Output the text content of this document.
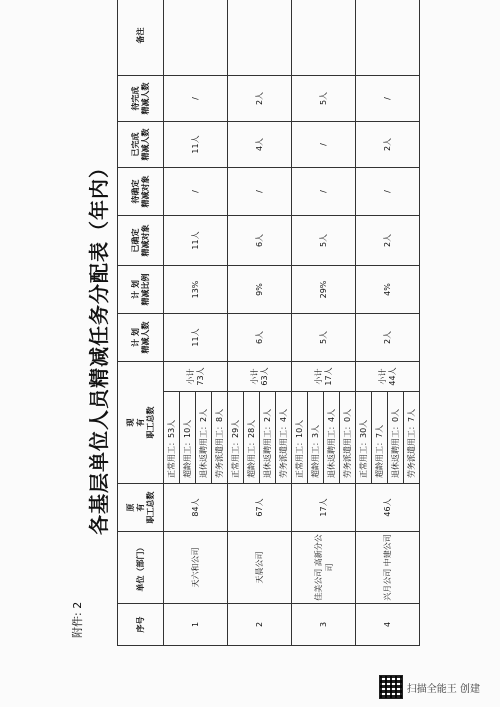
附件: 2
各基层单位人员精减任务分配表（年内）
序号	单位（部门）	原 有 职工总数	现 有 职工总数		计 划 精减人数	计 划 精减比例	已确定 精减对象	待确定 精减对象	已完成 精减人数	待完成 精减人数	备注
1	天六和公司	84人	正常用工：53人	小计 73人	11人	13%	11人	/	11人	/	
			超龄用工：10人								
			退休返聘用工：2人								
			劳务派遣用工：8人								
2	天晨公司	67人	正常用工：29人	小计 63人	6人	9%	6人	/	4人	2人	
			超龄用工：28人								
			退休返聘用工：2人								
			劳务派遣用工：4人								
3	佳美公司 高新分公司	17人	正常用工：10人	小计 17人	5人	29%	5人	/	/	5人	
			超龄用工：3人								
			退休返聘用工：4人								
			劳务派遣用工：0人								
4	兴月公司 中建公司	46人	正常用工：30人	小计 44人	2人	4%	2人	/	2人	/	
			超龄用工：7人								
			退休返聘用工：0人								
			劳务派遣用工：7人								
扫描全能王 创建
